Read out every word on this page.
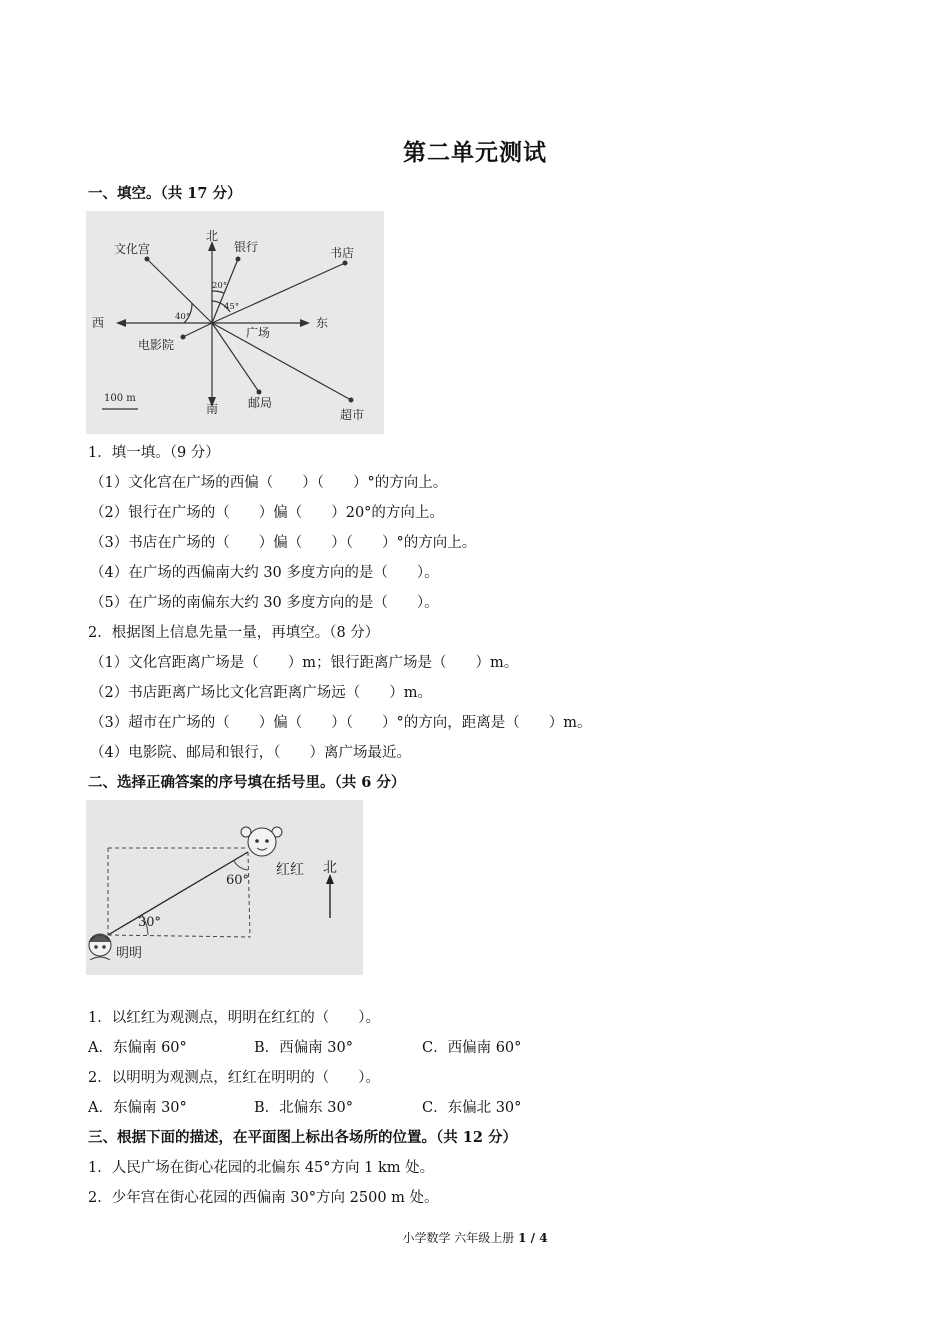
第二单元测试
一、填空。（共 17 分）
北
南
东
西
文化宫	银行	书店
电影院
广场
邮局
超市
100 m
40°
20°
45°
1．填一填。（9 分）
（1）文化宫在广场的西偏（　　）（　　）°的方向上。
（2）银行在广场的（　　）偏（　　）20°的方向上。
（3）书店在广场的（　　）偏（　　）（　　）°的方向上。
（4）在广场的西偏南大约 30 多度方向的是（　　）。
（5）在广场的南偏东大约 30 多度方向的是（　　）。
2．根据图上信息先量一量，再填空。（8 分）
（1）文化宫距离广场是（　　）m；银行距离广场是（　　）m。
（2）书店距离广场比文化宫距离广场远（　　）m。
（3）超市在广场的（　　）偏（　　）（　　）°的方向，距离是（　　）m。
（4）电影院、邮局和银行，（　　）离广场最近。
二、选择正确答案的序号填在括号里。（共 6 分）
红红
明明
北
60°
30°
1．以红红为观测点，明明在红红的（　　）。
A．东偏南 60°	B．西偏南 30°	C．西偏南 60°
2．以明明为观测点，红红在明明的（　　）。
A．东偏南 30°	B．北偏东 30°	C．东偏北 30°
三、根据下面的描述，在平面图上标出各场所的位置。（共 12 分）
1．人民广场在街心花园的北偏东 45°方向 1 km 处。
2．少年宫在街心花园的西偏南 30°方向 2500 m 处。
小学数学 六年级上册 1 / 4
